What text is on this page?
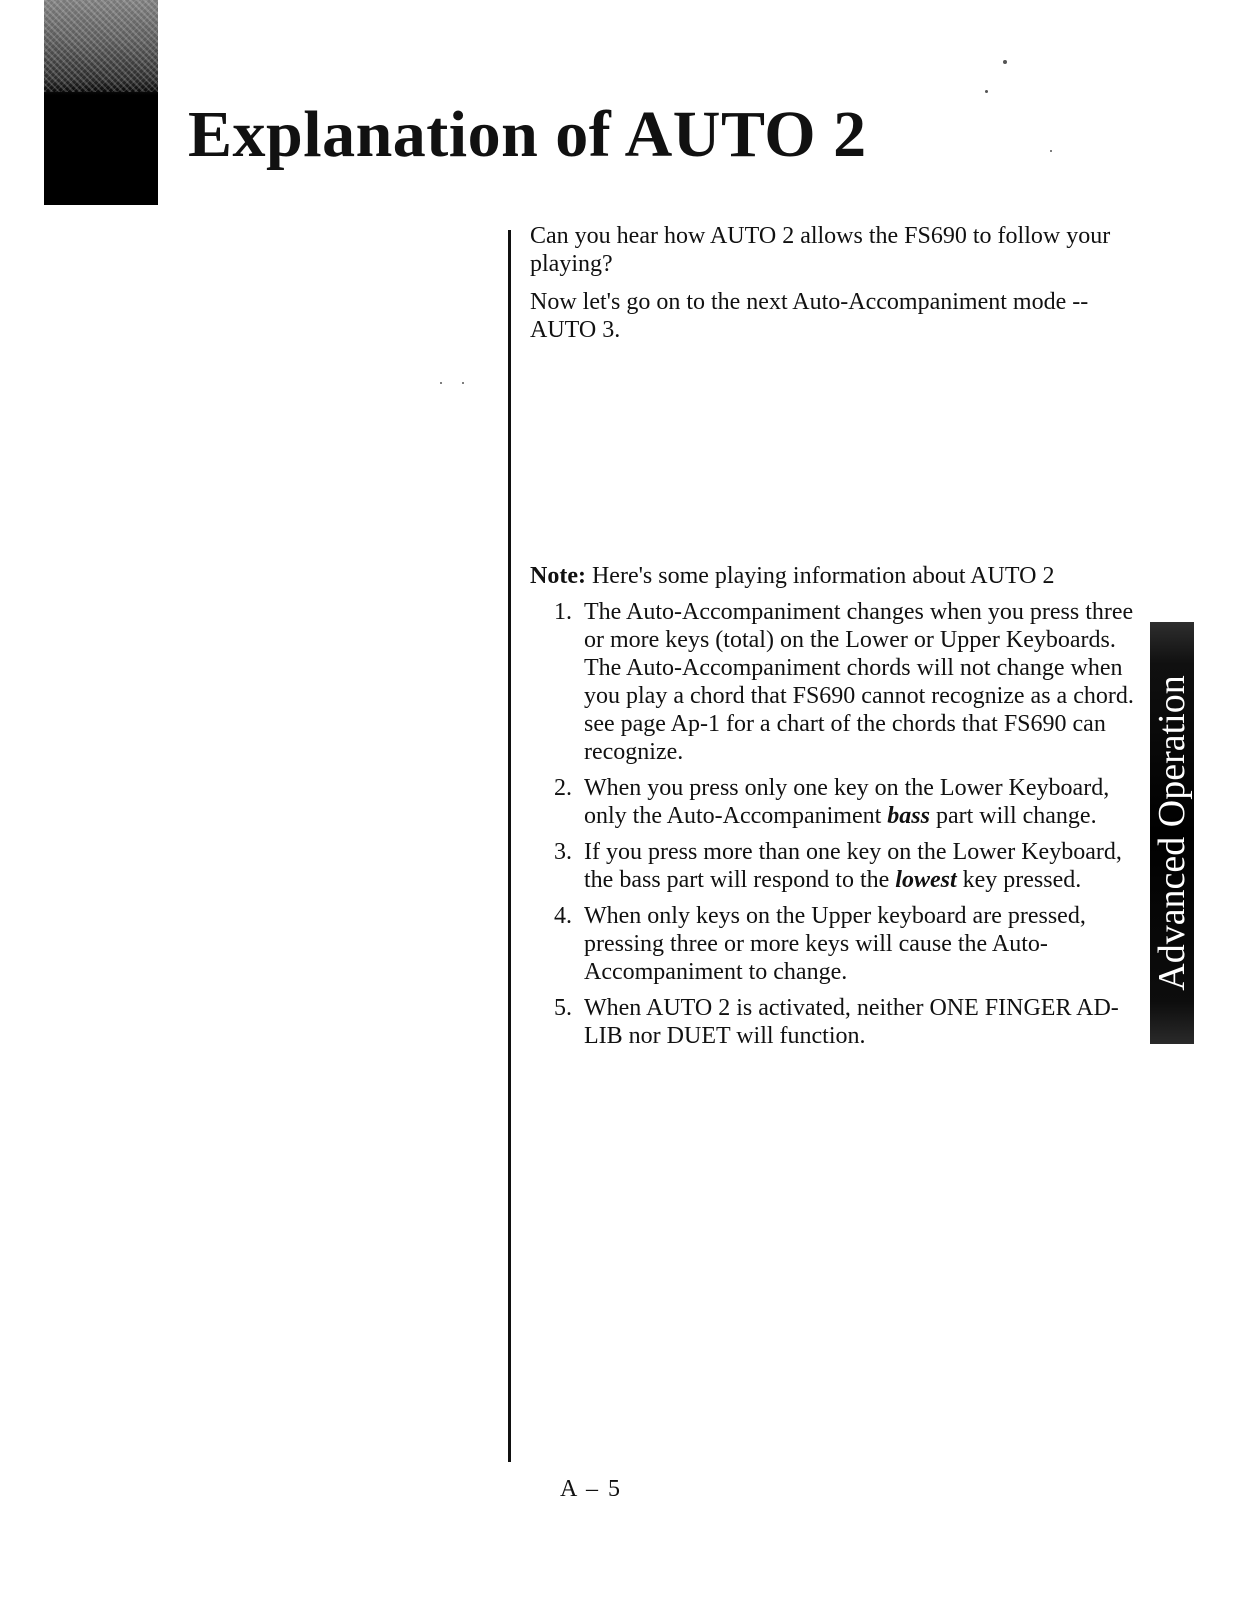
Explanation of AUTO 2

Can you hear how AUTO 2 allows the FS690 to follow your playing?

Now let's go on to the next Auto-Accompaniment mode -- AUTO 3.

Note: Here's some playing information about AUTO 2

1. The Auto-Accompaniment changes when you press three or more keys (total) on the Lower or Upper Keyboards. The Auto-Accompaniment chords will not change when you play a chord that FS690 cannot recognize as a chord. see page Ap-1 for a chart of the chords that FS690 can recognize.
2. When you press only one key on the Lower Keyboard, only the Auto-Accompaniment bass part will change.
3. If you press more than one key on the Lower Keyboard, the bass part will respond to the lowest key pressed.
4. When only keys on the Upper keyboard are pressed, pressing three or more keys will cause the Auto-Accompaniment to change.
5. When AUTO 2 is activated, neither ONE FINGER AD-LIB nor DUET will function.
Advanced Operation
A – 5
